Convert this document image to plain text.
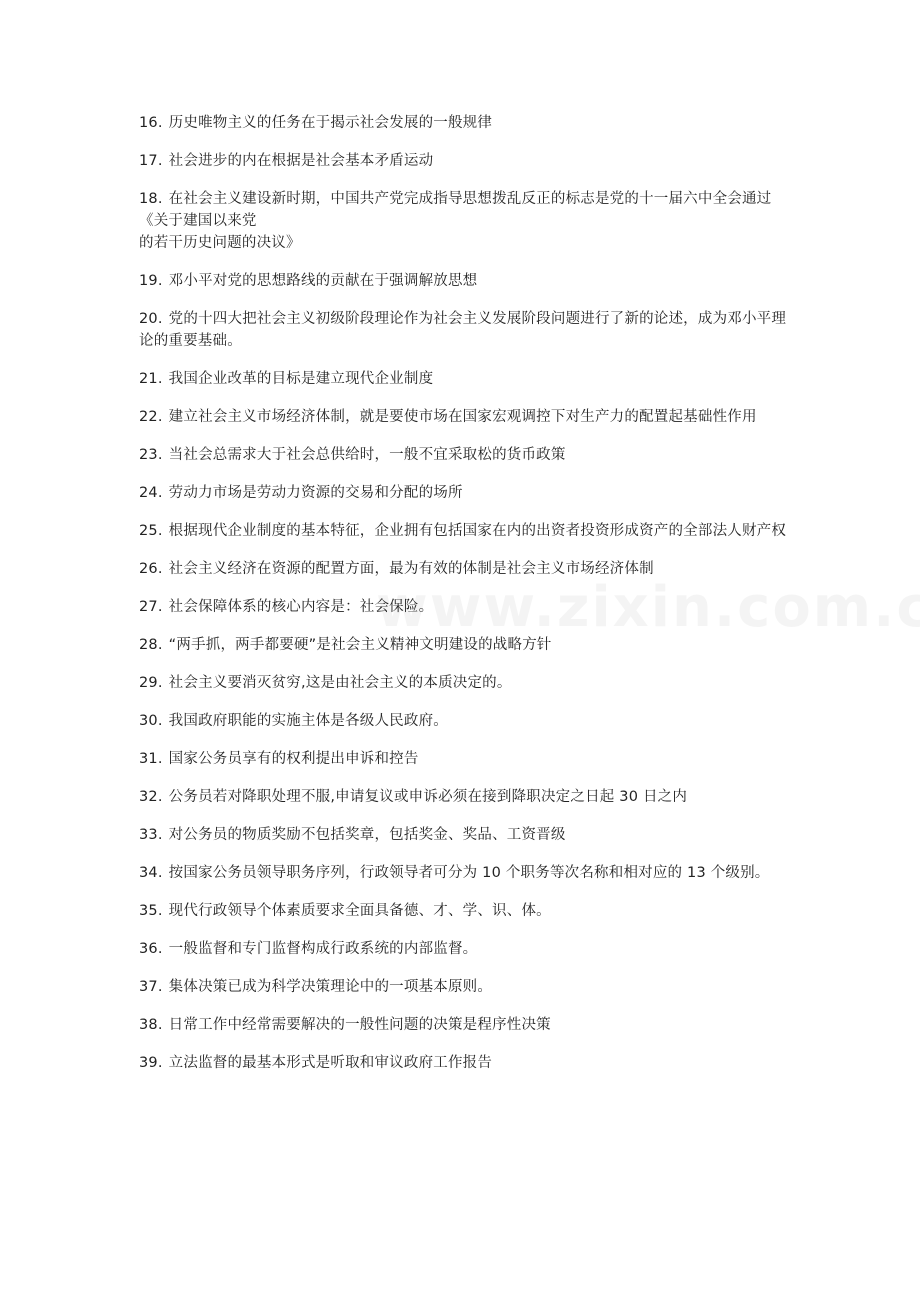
16. 历史唯物主义的任务在于揭示社会发展的一般规律
17. 社会进步的内在根据是社会基本矛盾运动
18. 在社会主义建设新时期，中国共产党完成指导思想拨乱反正的标志是党的十一届六中全会通过《关于建国以来党
的若干历史问题的决议》
19. 邓小平对党的思想路线的贡献在于强调解放思想
20. 党的十四大把社会主义初级阶段理论作为社会主义发展阶段问题进行了新的论述，成为邓小平理论的重要基础。
21. 我国企业改革的目标是建立现代企业制度
22. 建立社会主义市场经济体制，就是要使市场在国家宏观调控下对生产力的配置起基础性作用
23. 当社会总需求大于社会总供给时，一般不宜采取松的货币政策
24. 劳动力市场是劳动力资源的交易和分配的场所
25. 根据现代企业制度的基本特征，企业拥有包括国家在内的出资者投资形成资产的全部法人财产权
26. 社会主义经济在资源的配置方面，最为有效的体制是社会主义市场经济体制
27. 社会保障体系的核心内容是：社会保险。
28. “两手抓，两手都要硬”是社会主义精神文明建设的战略方针
29. 社会主义要消灭贫穷,这是由社会主义的本质决定的。
30. 我国政府职能的实施主体是各级人民政府。
31. 国家公务员享有的权利提出申诉和控告
32. 公务员若对降职处理不服,申请复议或申诉必须在接到降职决定之日起 30 日之内
33. 对公务员的物质奖励不包括奖章，包括奖金、奖品、工资晋级
34. 按国家公务员领导职务序列，行政领导者可分为 10 个职务等次名称和相对应的 13 个级别。
35. 现代行政领导个体素质要求全面具备德、才、学、识、体。
36. 一般监督和专门监督构成行政系统的内部监督。
37. 集体决策已成为科学决策理论中的一项基本原则。
38. 日常工作中经常需要解决的一般性问题的决策是程序性决策
39. 立法监督的最基本形式是听取和审议政府工作报告
